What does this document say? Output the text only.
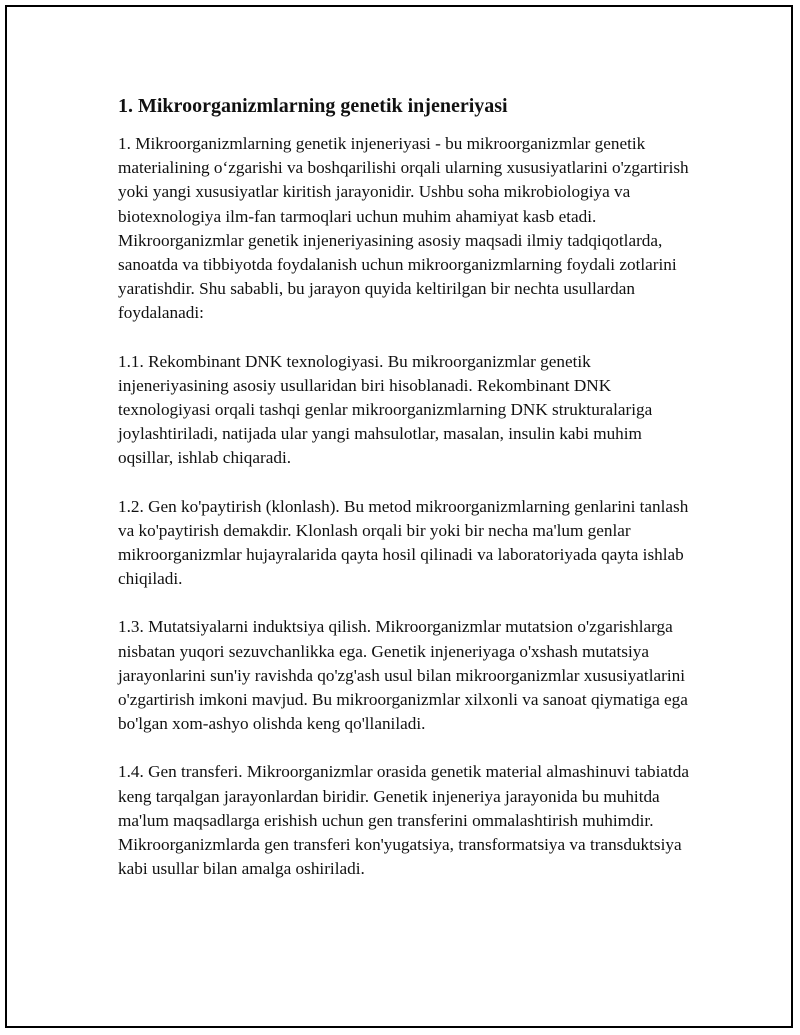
1. Mikroorganizmlarning genetik injeneriyasi

1. Mikroorganizmlarning genetik injeneriyasi - bu mikroorganizmlar genetik materialining o‘zgarishi va boshqarilishi orqali ularning xususiyatlarini o'zgartirish yoki yangi xususiyatlar kiritish jarayonidir. Ushbu soha mikrobiologiya va biotexnologiya ilm-fan tarmoqlari uchun muhim ahamiyat kasb etadi. Mikroorganizmlar genetik injeneriyasining asosiy maqsadi ilmiy tadqiqotlarda, sanoatda va tibbiyotda foydalanish uchun mikroorganizmlarning foydali zotlarini yaratishdir. Shu sababli, bu jarayon quyida keltirilgan bir nechta usullardan foydalanadi:

1.1. Rekombinant DNK texnologiyasi. Bu mikroorganizmlar genetik injeneriyasining asosiy usullaridan biri hisoblanadi. Rekombinant DNK texnologiyasi orqali tashqi genlar mikroorganizmlarning DNK strukturalariga joylashtiriladi, natijada ular yangi mahsulotlar, masalan, insulin kabi muhim oqsillar, ishlab chiqaradi.

1.2. Gen ko'paytirish (klonlash). Bu metod mikroorganizmlarning genlarini tanlash va ko'paytirish demakdir. Klonlash orqali bir yoki bir necha ma'lum genlar mikroorganizmlar hujayralarida qayta hosil qilinadi va laboratoriyada qayta ishlab chiqiladi.

1.3. Mutatsiyalarni induktsiya qilish. Mikroorganizmlar mutatsion o'zgarishlarga nisbatan yuqori sezuvchanlikka ega. Genetik injeneriyaga o'xshash mutatsiya jarayonlarini sun'iy ravishda qo'zg'ash usul bilan mikroorganizmlar xususiyatlarini o'zgartirish imkoni mavjud. Bu mikroorganizmlar xilxonli va sanoat qiymatiga ega bo'lgan xom-ashyo olishda keng qo'llaniladi.

1.4. Gen transferi. Mikroorganizmlar orasida genetik material almashinuvi tabiatda keng tarqalgan jarayonlardan biridir. Genetik injeneriya jarayonida bu muhitda ma'lum maqsadlarga erishish uchun gen transferini ommalashtirish muhimdir. Mikroorganizmlarda gen transferi kon'yugatsiya, transformatsiya va transduktsiya kabi usullar bilan amalga oshiriladi.
